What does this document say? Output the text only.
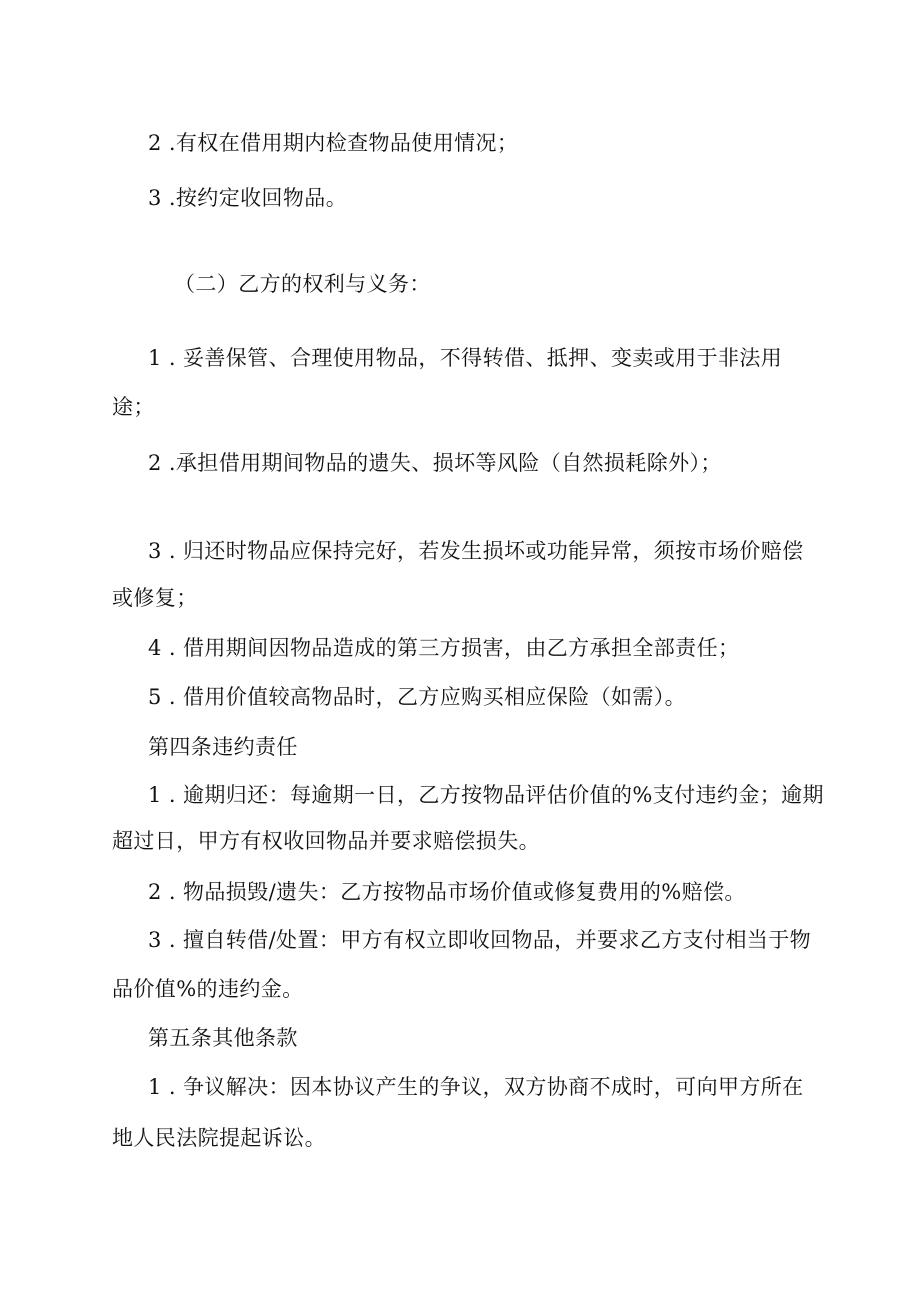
2 .有权在借用期内检查物品使用情况；
3 .按约定收回物品。
（二）乙方的权利与义务：
1 . 妥善保管、合理使用物品，不得转借、抵押、变卖或用于非法用
途；
2 .承担借用期间物品的遗失、损坏等风险（自然损耗除外）；
3 . 归还时物品应保持完好，若发生损坏或功能异常，须按市场价赔偿
或修复；
4 . 借用期间因物品造成的第三方损害，由乙方承担全部责任；
5 . 借用价值较高物品时，乙方应购买相应保险（如需）。
第四条违约责任
1 . 逾期归还：每逾期一日，乙方按物品评估价值的%支付违约金；逾期
超过日，甲方有权收回物品并要求赔偿损失。
2 . 物品损毁/遗失：乙方按物品市场价值或修复费用的%赔偿。
3 . 擅自转借/处置：甲方有权立即收回物品，并要求乙方支付相当于物
品价值%的违约金。
第五条其他条款
1 . 争议解决：因本协议产生的争议，双方协商不成时，可向甲方所在
地人民法院提起诉讼。
